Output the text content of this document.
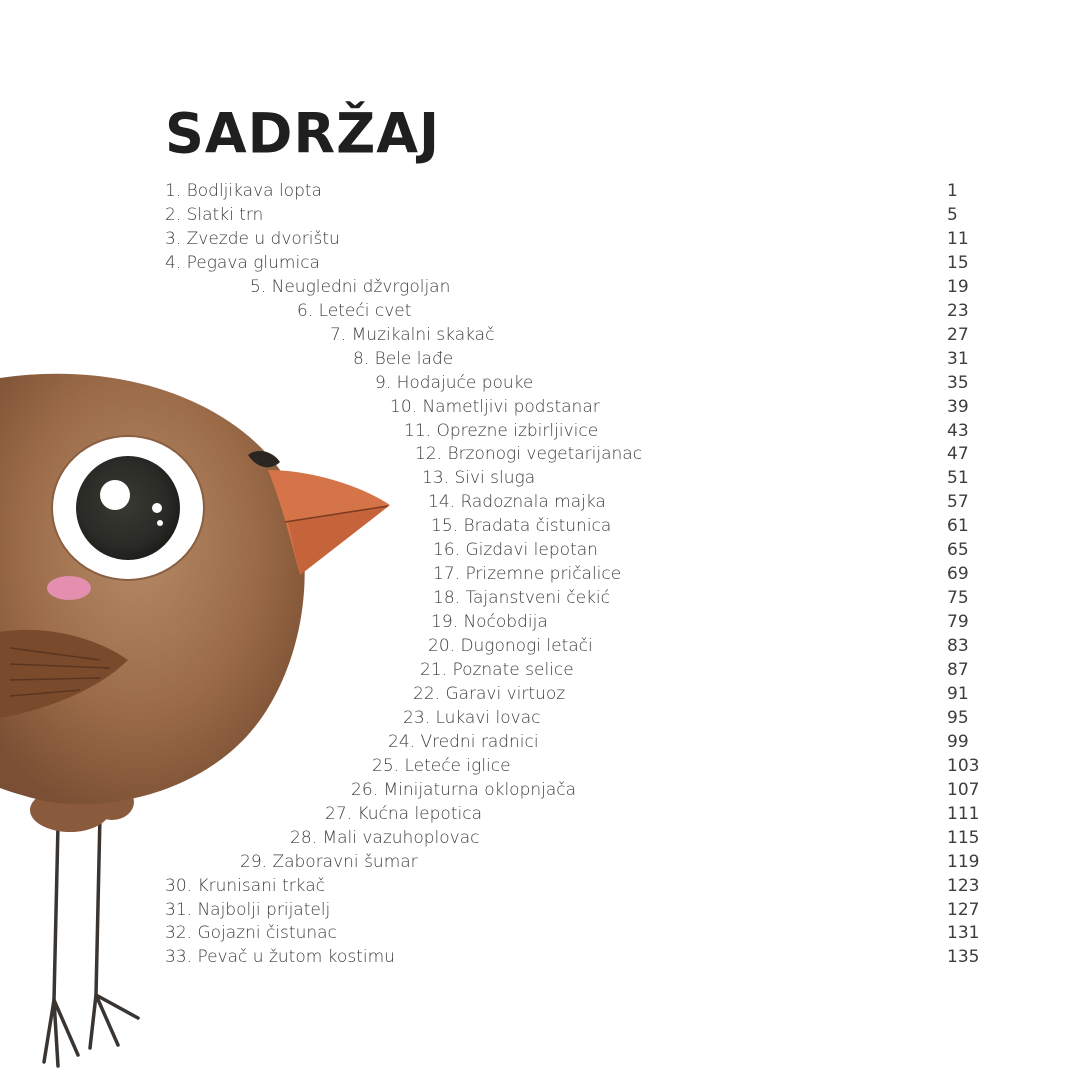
SADRŽAJ
1. Bodljikava lopta	1
2. Slatki trn	5
3. Zvezde u dvorištu	11
4. Pegava glumica	15
5. Neugledni džvrgoljan	19
6. Leteći cvet	23
7. Muzikalni skakač	27
8. Bele lađe	31
9. Hodajuće pouke	35
10. Nametljivi podstanar	39
11. Oprezne izbirljivice	43
12. Brzonogi vegetarijanac	47
13. Sivi sluga	51
14. Radoznala majka	57
15. Bradata čistunica	61
16. Gizdavi lepotan	65
17. Prizemne pričalice	69
18. Tajanstveni čekić	75
19. Noćobdija	79
20. Dugonogi letači	83
21. Poznate selice	87
22. Garavi virtuoz	91
23. Lukavi lovac	95
24. Vredni radnici	99
25. Leteće iglice	103
26. Minijaturna oklopnjača	107
27. Kućna lepotica	111
28. Mali vazuhoplovac	115
29. Zaboravni šumar	119
30. Krunisani trkač	123
31. Najbolji prijatelj	127
32. Gojazni čistunac	131
33. Pevač u žutom kostimu	135
